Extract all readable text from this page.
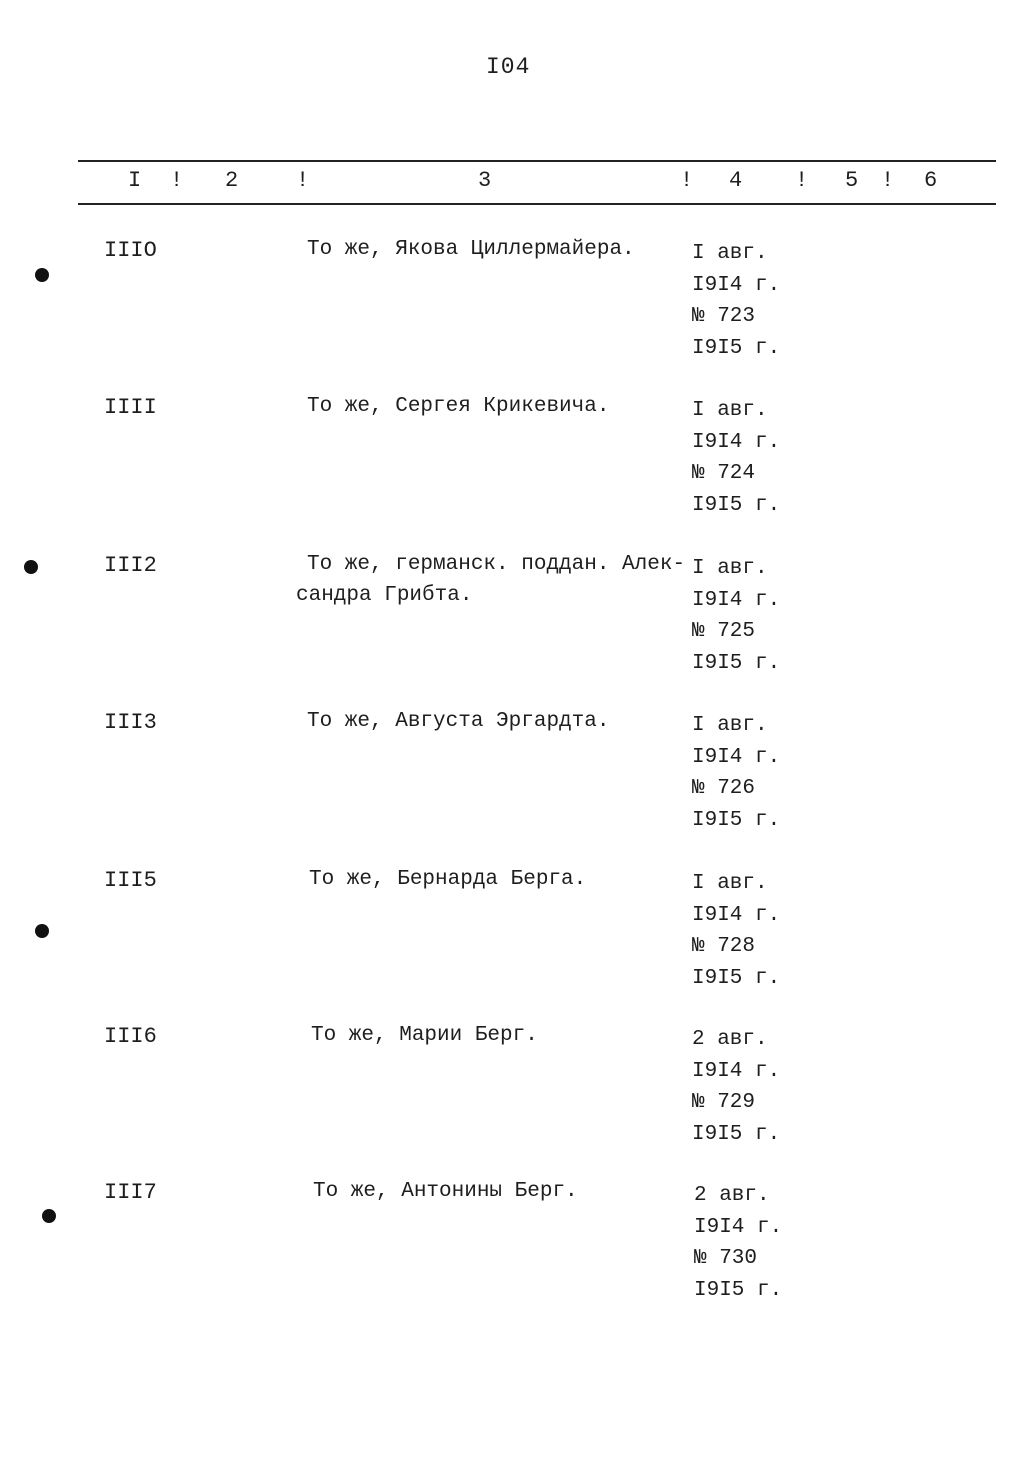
I04
I ! 2	!	3	! 4 ! 5 ! 6
IIIO	То же, Якова Циллермайера.	I авг.
I9I4 г.
№ 723
I9I5 г.
IIII	То же, Сергея Крикевича.	I авг.
I9I4 г.
№ 724
I9I5 г.
III2	То же, германск. поддан. Алек-
сандра Грибта.
I авг.
I9I4 г.
№ 725
I9I5 г.
III3	То же, Августа Эргардта.	I авг.
I9I4 г.
№ 726
I9I5 г.
III5	То же, Бернарда Берга.	I авг.
I9I4 г.
№ 728
I9I5 г.
III6	То же, Марии Берг.	2 авг.
I9I4 г.
№ 729
I9I5 г.
III7	То же, Антонины Берг.	2 авг.
I9I4 г.
№ 730
I9I5 г.
